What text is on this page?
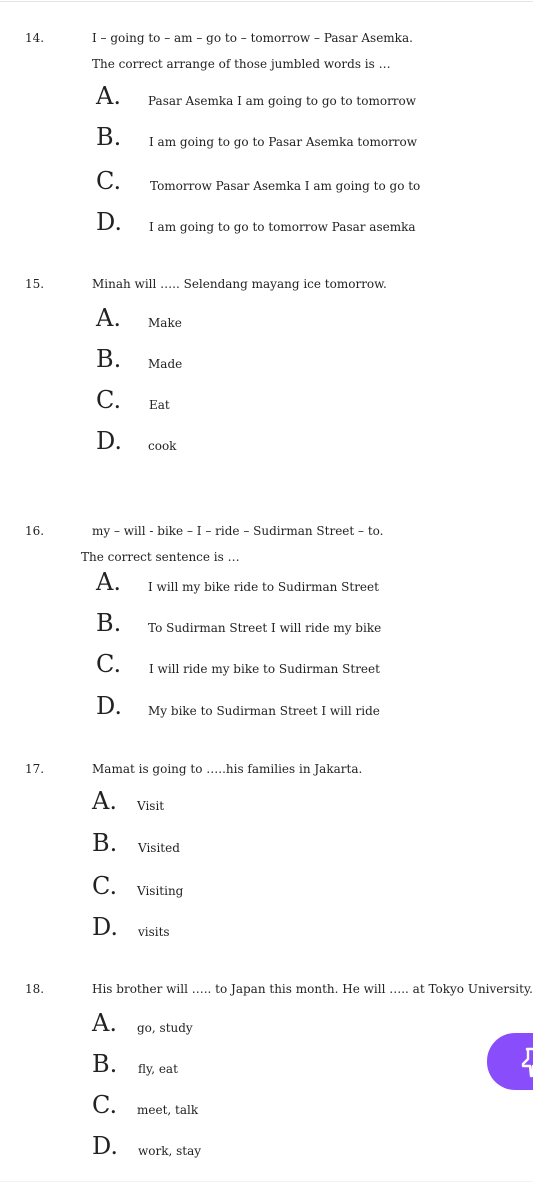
14.	I – going to – am – go to – tomorrow – Pasar Asemka.
The correct arrange of those jumbled words is …
A. Pasar Asemka I am going to go to tomorrow
B. I am going to go to Pasar Asemka tomorrow
C. Tomorrow Pasar Asemka I am going to go to
D. I am going to go to tomorrow Pasar asemka
15.	Minah will ….. Selendang mayang ice tomorrow.
A. Make
B. Made
C. Eat
D. cook
16.	my – will - bike – I – ride – Sudirman Street – to.
The correct sentence is …
A. I will my bike ride to Sudirman Street
B. To Sudirman Street I will ride my bike
C. I will ride my bike to Sudirman Street
D. My bike to Sudirman Street I will ride
17.	Mamat is going to …..his families in Jakarta.
A. Visit
B. Visited
C. Visiting
D. visits
18.	His brother will ….. to Japan this month. He will ….. at Tokyo University.
A. go, study
B. fly, eat
C. meet, talk
D. work, stay
